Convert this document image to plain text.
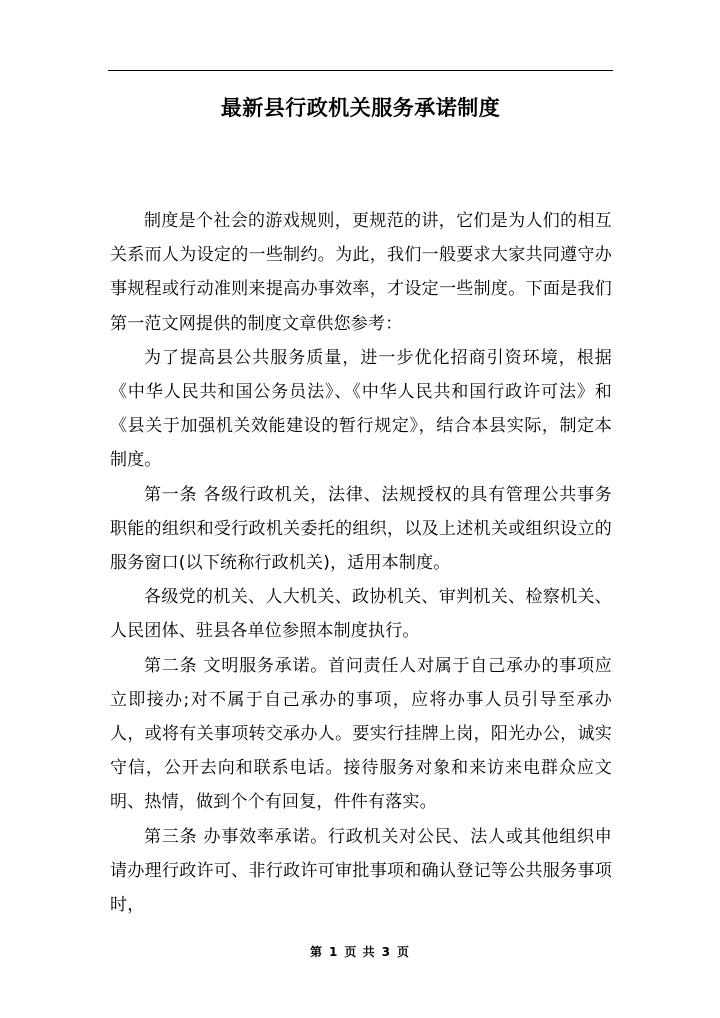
最新县行政机关服务承诺制度

制度是个社会的游戏规则，更规范的讲，它们是为人们的相互关系而人为设定的一些制约。为此，我们一般要求大家共同遵守办事规程或行动准则来提高办事效率，才设定一些制度。下面是我们第一范文网提供的制度文章供您参考：

为了提高县公共服务质量，进一步优化招商引资环境，根据《中华人民共和国公务员法》、《中华人民共和国行政许可法》和《县关于加强机关效能建设的暂行规定》，结合本县实际，制定本制度。

第一条 各级行政机关，法律、法规授权的具有管理公共事务职能的组织和受行政机关委托的组织，以及上述机关或组织设立的服务窗口(以下统称行政机关)，适用本制度。

各级党的机关、人大机关、政协机关、审判机关、检察机关、人民团体、驻县各单位参照本制度执行。

第二条 文明服务承诺。首问责任人对属于自己承办的事项应立即接办;对不属于自己承办的事项，应将办事人员引导至承办人，或将有关事项转交承办人。要实行挂牌上岗，阳光办公，诚实守信，公开去向和联系电话。接待服务对象和来访来电群众应文明、热情，做到个个有回复，件件有落实。

第三条 办事效率承诺。行政机关对公民、法人或其他组织申请办理行政许可、非行政许可审批事项和确认登记等公共服务事项时，

第 1 页 共 3 页
